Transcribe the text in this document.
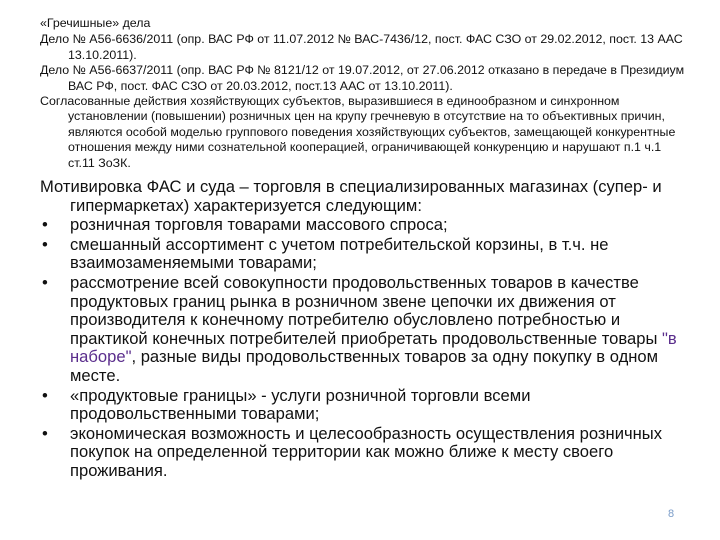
«Гречишные» дела

Дело № А56-6636/2011 (опр. ВАС РФ от 11.07.2012 № ВАС-7436/12, пост. ФАС СЗО от 29.02.2012, пост. 13 ААС 13.10.2011).

Дело № А56-6637/2011 (опр. ВАС РФ № 8121/12 от 19.07.2012, от 27.06.2012 отказано в передаче в Президиум ВАС РФ, пост. ФАС СЗО от 20.03.2012, пост.13 ААС от 13.10.2011).

Согласованные действия хозяйствующих субъектов, выразившиеся в единообразном и синхронном установлении (повышении) розничных цен на крупу гречневую в отсутствие на то объективных причин, являются особой моделью группового поведения хозяйствующих субъектов, замещающей конкурентные отношения между ними сознательной кооперацией, ограничивающей конкуренцию и нарушают п.1 ч.1 ст.11 ЗоЗК.

Мотивировка ФАС и суда – торговля в специализированных магазинах (супер- и гипермаркетах) характеризуется следующим:

• розничная торговля товарами массового спроса;
• смешанный ассортимент с учетом потребительской корзины, в т.ч. не взаимозаменяемыми товарами;
• рассмотрение всей совокупности продовольственных товаров в качестве продуктовых границ рынка в розничном звене цепочки их движения от производителя к конечному потребителю обусловлено потребностью и практикой конечных потребителей приобретать продовольственные товары "в наборе", разные виды продовольственных товаров за одну покупку в одном месте.
• «продуктовые границы» - услуги розничной торговли всеми продовольственными товарами;
• экономическая возможность и целесообразность осуществления розничных покупок на определенной территории как можно ближе к месту своего проживания.
8
